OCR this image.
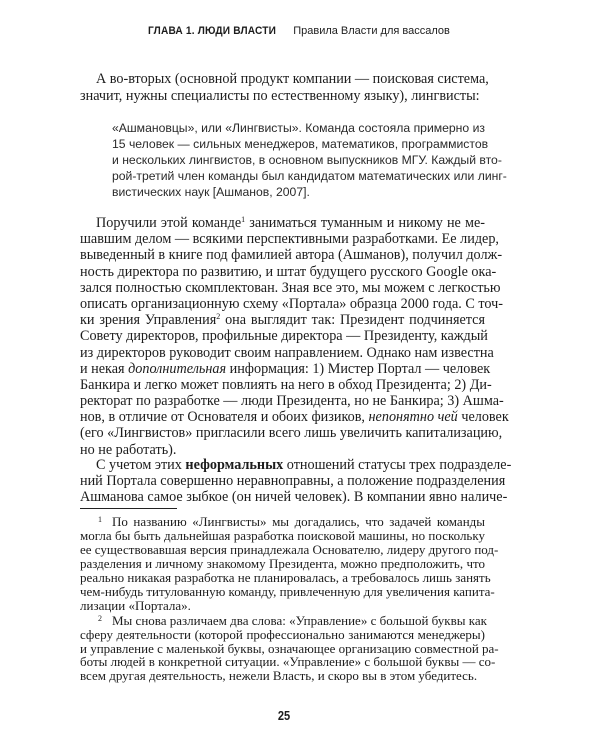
ГЛАВА 1. ЛЮДИ ВЛАСТИ Правила Власти для вассалов
А во-вторых (основной продукт компании — поисковая система,
значит, нужны специалисты по естественному языку), лингвисты:
«Ашмановцы», или «Лингвисты». Команда состояла примерно из
15 человек — сильных менеджеров, математиков, программистов
и нескольких лингвистов, в основном выпускников МГУ. Каждый вто-
рой-третий член команды был кандидатом математических или линг-
вистических наук [Ашманов, 2007].
Поручили этой команде$^1$ заниматься туманным и никому не ме-
шавшим делом — всякими перспективными разработками. Ее лидер,
выведенный в книге под фамилией автора (Ашманов), получил долж-
ность директора по развитию, и штат будущего русского Google ока-
зался полностью скомплектован. Зная все это, мы можем с легкостью
описать организационную схему «Портала» образца 2000 года. С точ-
ки зрения Управления$^2$ она выглядит так: Президент подчиняется
Совету директоров, профильные директора — Президенту, каждый
из директоров руководит своим направлением. Однако нам известна
и некая дополнительная информация: 1) Мистер Портал — человек
Банкира и легко может повлиять на него в обход Президента; 2) Ди-
ректорат по разработке — люди Президента, но не Банкира; 3) Ашма-
нов, в отличие от Основателя и обоих физиков, непонятно чей человек
(его «Лингвистов» пригласили всего лишь увеличить капитализацию,
но не работать).
С учетом этих неформальных отношений статусы трех подразделе-
ний Портала совершенно неравноправны, а положение подразделения
Ашманова самое зыбкое (он ничей человек). В компании явно наличе-
1 По названию «Лингвисты» мы догадались, что задачей команды
могла бы быть дальнейшая разработка поисковой машины, но поскольку
ее существовавшая версия принадлежала Основателю, лидеру другого под-
разделения и личному знакомому Президента, можно предположить, что
реально никакая разработка не планировалась, а требовалось лишь занять
чем-нибудь титулованную команду, привлеченную для увеличения капита-
лизации «Портала».
2 Мы снова различаем два слова: «Управление» с большой буквы как
сферу деятельности (которой профессионально занимаются менеджеры)
и управление с маленькой буквы, означающее организацию совместной ра-
боты людей в конкретной ситуации. «Управление» с большой буквы — со-
всем другая деятельность, нежели Власть, и скоро вы в этом убедитесь.
25
